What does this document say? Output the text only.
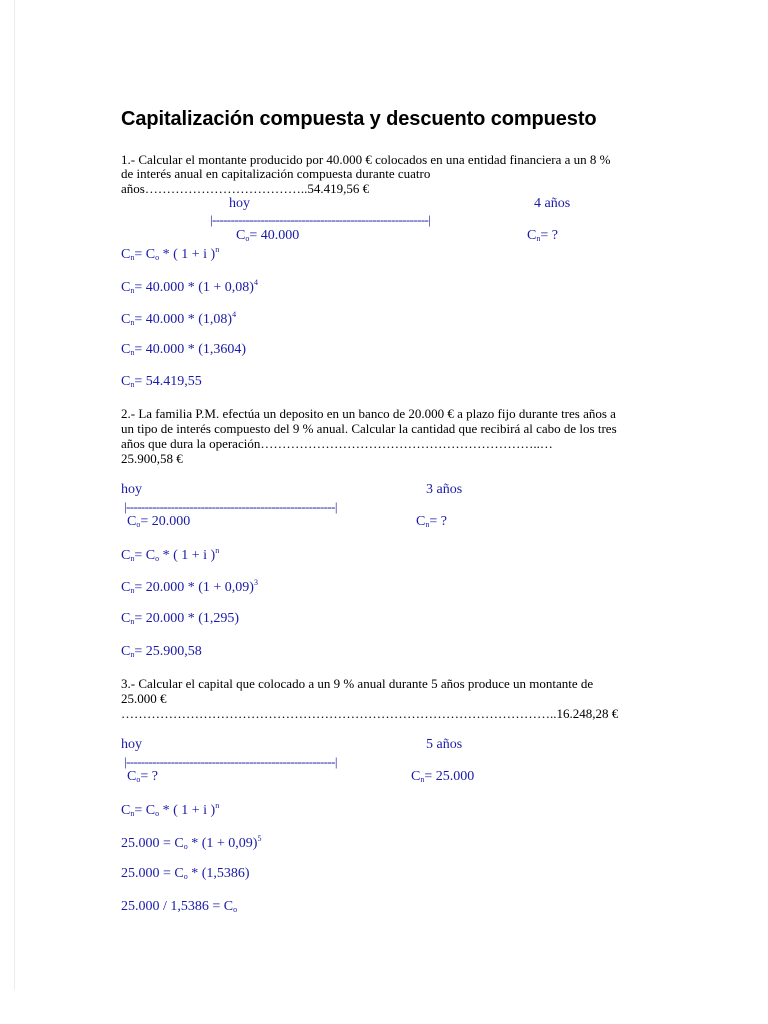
Capitalización compuesta y descuento compuesto
1.- Calcular el montante producido por 40.000 € colocados en una entidad financiera a un 8 %
de interés anual en capitalización compuesta durante cuatro
años………………………………..54.419,56 €
hoy	4 años
|----------------------------------------------------------|
$C_o= 40.000$	$C_n=$ ?
$C_n= C_o$ * ( 1 + i )$^n$
$C_n= 40.000 * (1 + 0,08)^4$
$C_n= 40.000 * (1,08)^4$
$C_n= 40.000 * (1,3604)$
$C_n= 54.419,55$
2.- La familia P.M. efectúa un deposito en un banco de 20.000 € a plazo fijo durante tres años a
un tipo de interés compuesto del 9 % anual. Calcular la cantidad que recibirá al cabo de los tres
años que dura la operación………………………………………………………..…
25.900,58 €
hoy	3 años
|--------------------------------------------------------|
$C_o= 20.000$	$C_n=$ ?
$C_n= C_o$ * ( 1 + i )$^n$
$C_n= 20.000 * (1 + 0,09)^3$
$C_n= 20.000 * (1,295)$
$C_n= 25.900,58$
3.- Calcular el capital que colocado a un 9 % anual durante 5 años produce un montante de
25.000 €
………………………………………………………………………………………..16.248,28 €
hoy	5 años
|--------------------------------------------------------|
$C_o=$ ?	$C_n= 25.000$
$C_n= C_o$ * ( 1 + i )$^n$
$25.000 = C_o * (1 + 0,09)^5$
$25.000 = C_o * (1,5386)$
$25.000 / 1,5386 = C_o$
